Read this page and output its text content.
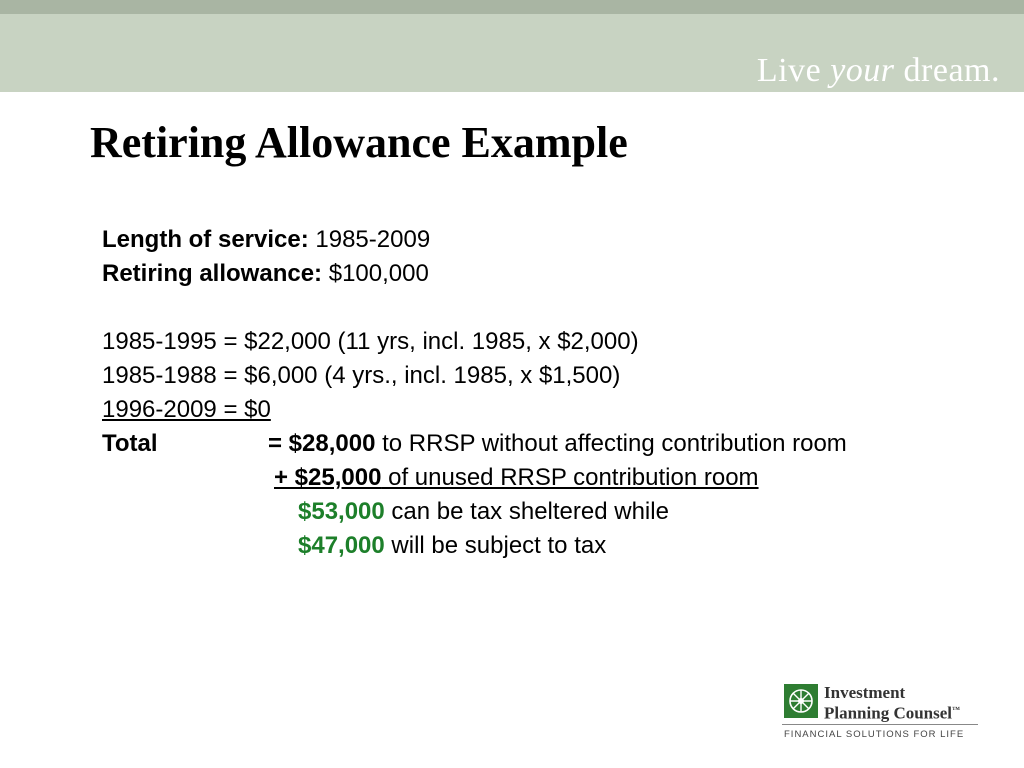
Live your dream.
Retiring Allowance Example
Length of service: 1985-2009
Retiring allowance: $100,000
1985-1995 = $22,000 (11 yrs, incl. 1985, x $2,000)
1985-1988 = $6,000 (4 yrs., incl. 1985, x $1,500)
1996-2009 = $0
Total	= $28,000 to RRSP without affecting contribution room
+ $25,000 of unused RRSP contribution room
$53,000 can be tax sheltered while
$47,000 will be subject to tax
Investment
Planning Counsel™
FINANCIAL SOLUTIONS FOR LIFE
